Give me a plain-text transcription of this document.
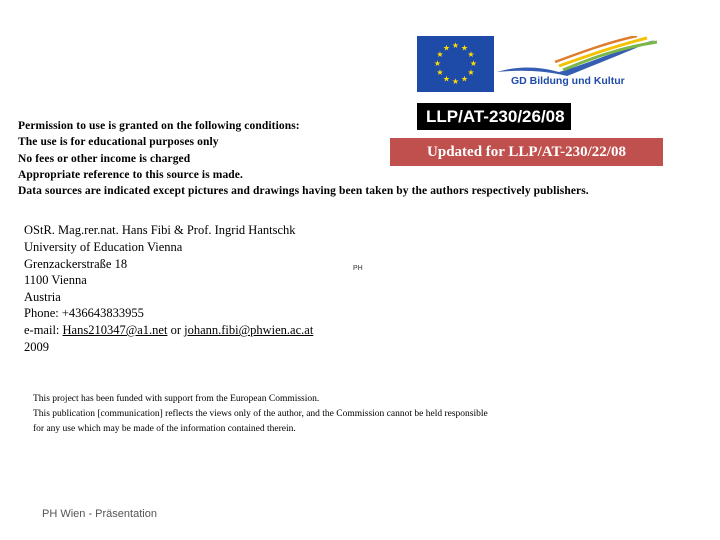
★ ★
★
★
★
★
★
★
★
★
★
★
GD Bildung und Kultur
LLP/AT-230/26/08
Updated for LLP/AT-230/22/08
Permission to use is granted on the following conditions:
The use is for educational purposes only
No fees or other income is charged
Appropriate reference to this source is made.
Data sources are indicated except pictures and drawings having been taken by the authors respectively publishers.
OStR. Mag.rer.nat. Hans Fibi & Prof. Ingrid Hantschk
University of Education Vienna
Grenzackerstraße 18
1100 Vienna
Austria
Phone: +436643833955
e-mail: Hans210347@a1.net or johann.fibi@phwien.ac.at
2009
PH
This project has been funded with support from the European Commission.
This publication [communication] reflects the views only of the author, and the Commission cannot be held responsible
for any use which may be made of the information contained therein.
PH Wien - Präsentation
